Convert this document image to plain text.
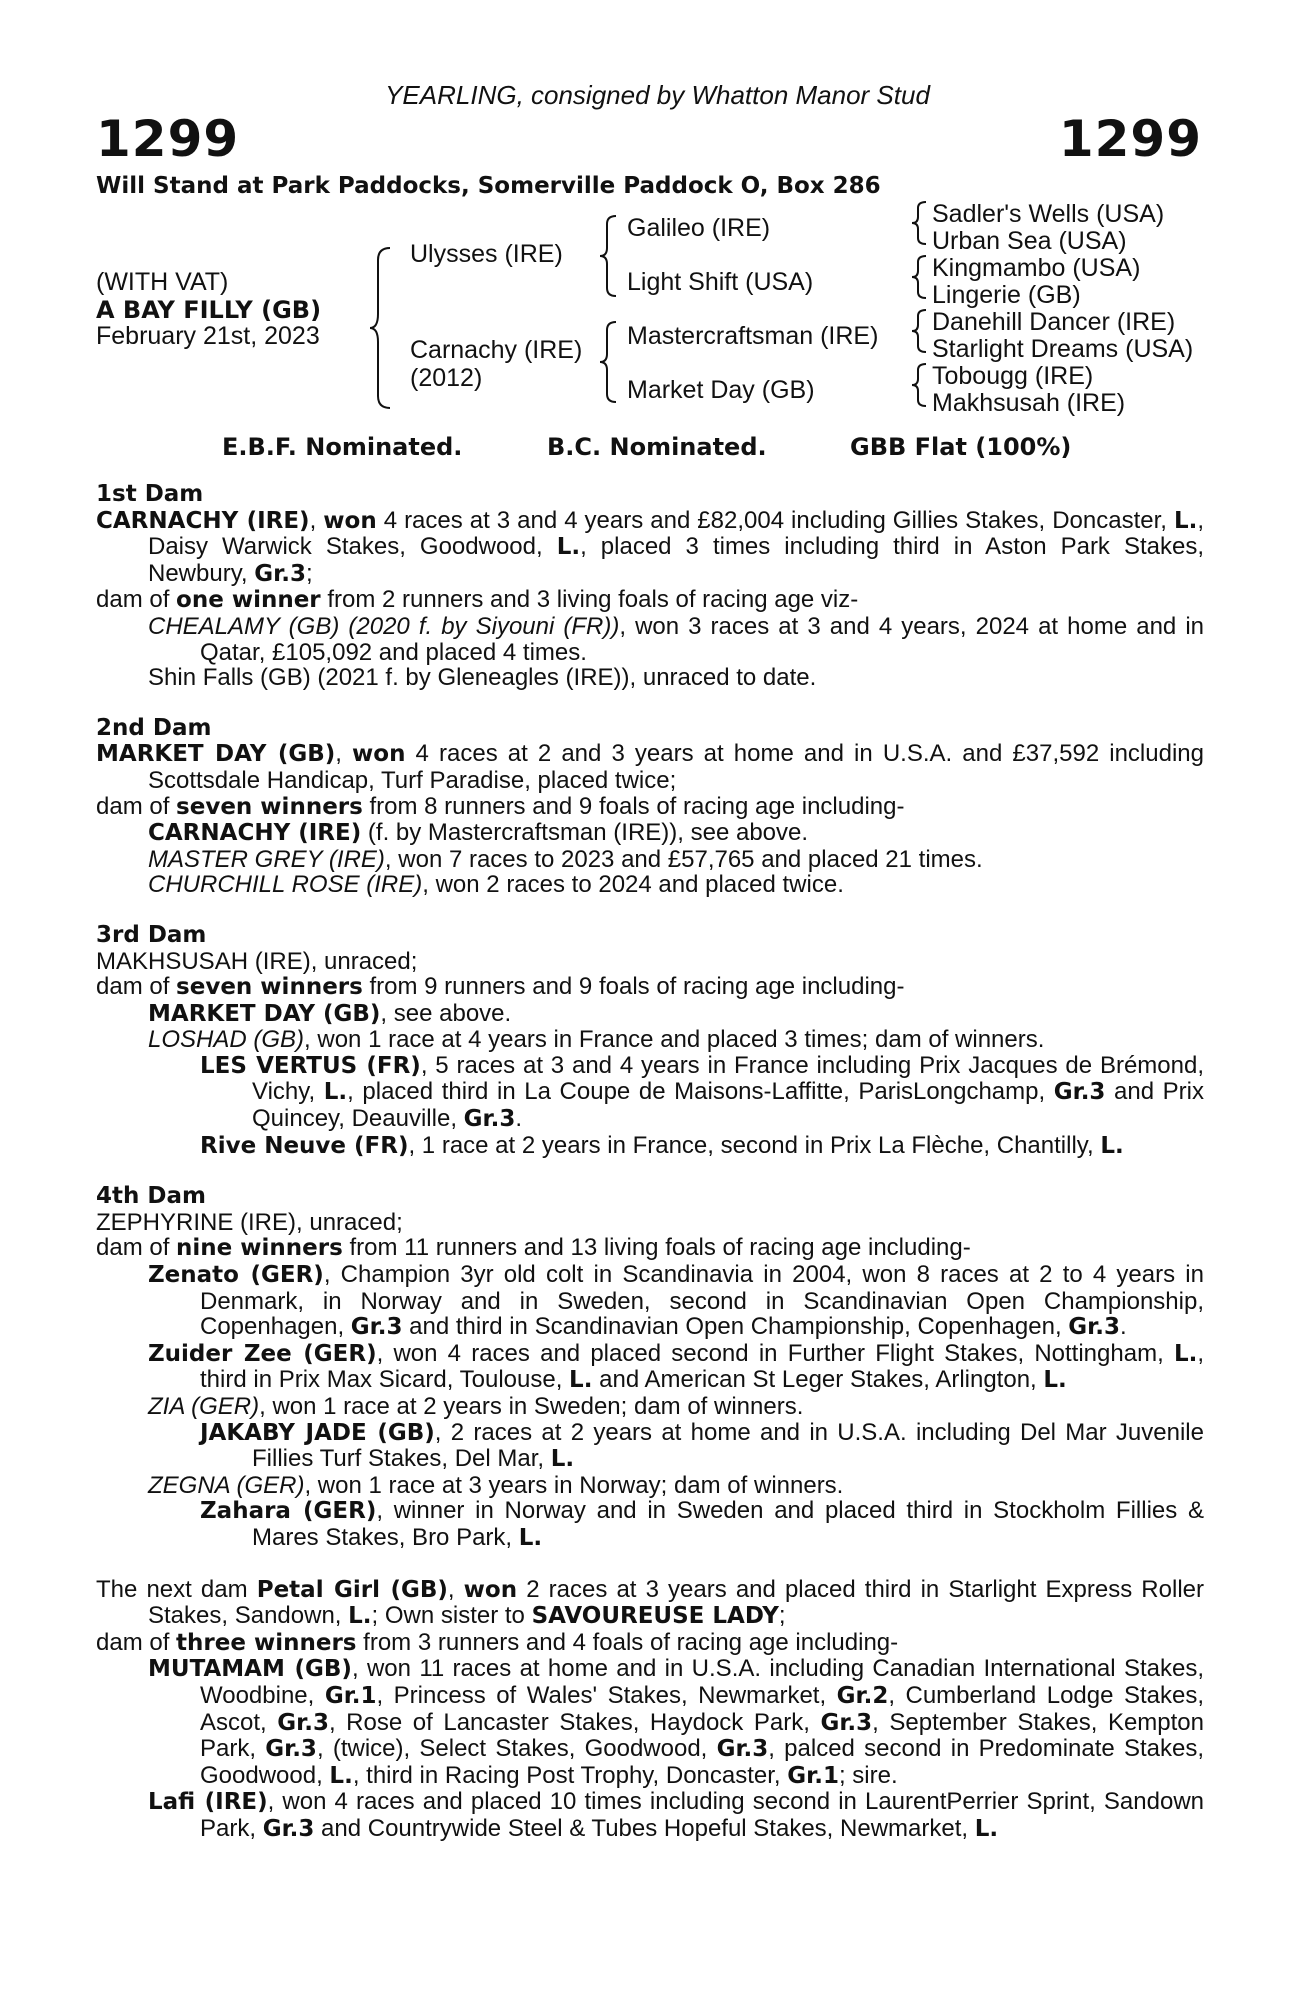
YEARLING, consigned by Whatton Manor Stud
1299	1299
Will Stand at Park Paddocks, Somerville Paddock O, Box 286
(WITH VAT)
A BAY FILLY (GB)
February 21st, 2023
Ulysses (IRE)
Carnachy (IRE)
(2012)
Galileo (IRE)
Light Shift (USA)
Mastercraftsman (IRE)
Market Day (GB)
Sadler's Wells (USA)
Urban Sea (USA)
Kingmambo (USA)
Lingerie (GB)
Danehill Dancer (IRE)
Starlight Dreams (USA)
Tobougg (IRE)
Makhsusah (IRE)
E.B.F. Nominated.	B.C. Nominated.	GBB Flat (100%)

1st Dam

CARNACHY (IRE), won 4 races at 3 and 4 years and £82,004 including Gillies Stakes, Doncaster, L., Daisy Warwick Stakes, Goodwood, L., placed 3 times including third in Aston Park Stakes, Newbury, Gr.3;

dam of one winner from 2 runners and 3 living foals of racing age viz-

CHEALAMY (GB) (2020 f. by Siyouni (FR)), won 3 races at 3 and 4 years, 2024 at home and in Qatar, £105,092 and placed 4 times.

Shin Falls (GB) (2021 f. by Gleneagles (IRE)), unraced to date.

2nd Dam

MARKET DAY (GB), won 4 races at 2 and 3 years at home and in U.S.A. and £37,592 including Scottsdale Handicap, Turf Paradise, placed twice;

dam of seven winners from 8 runners and 9 foals of racing age including-

CARNACHY (IRE) (f. by Mastercraftsman (IRE)), see above.

MASTER GREY (IRE), won 7 races to 2023 and £57,765 and placed 21 times.

CHURCHILL ROSE (IRE), won 2 races to 2024 and placed twice.

3rd Dam

MAKHSUSAH (IRE), unraced;

dam of seven winners from 9 runners and 9 foals of racing age including-

MARKET DAY (GB), see above.

LOSHAD (GB), won 1 race at 4 years in France and placed 3 times; dam of winners.

LES VERTUS (FR), 5 races at 3 and 4 years in France including Prix Jacques de Brémond, Vichy, L., placed third in La Coupe de Maisons-Laffitte, ParisLongchamp, Gr.3 and Prix Quincey, Deauville, Gr.3.

Rive Neuve (FR), 1 race at 2 years in France, second in Prix La Flèche, Chantilly, L.

4th Dam

ZEPHYRINE (IRE), unraced;

dam of nine winners from 11 runners and 13 living foals of racing age including-

Zenato (GER), Champion 3yr old colt in Scandinavia in 2004, won 8 races at 2 to 4 years in Denmark, in Norway and in Sweden, second in Scandinavian Open Championship, Copenhagen, Gr.3 and third in Scandinavian Open Championship, Copenhagen, Gr.3.

Zuider Zee (GER), won 4 races and placed second in Further Flight Stakes, Nottingham, L., third in Prix Max Sicard, Toulouse, L. and American St Leger Stakes, Arlington, L.

ZIA (GER), won 1 race at 2 years in Sweden; dam of winners.

JAKABY JADE (GB), 2 races at 2 years at home and in U.S.A. including Del Mar Juvenile Fillies Turf Stakes, Del Mar, L.

ZEGNA (GER), won 1 race at 3 years in Norway; dam of winners.

Zahara (GER), winner in Norway and in Sweden and placed third in Stockholm Fillies & Mares Stakes, Bro Park, L.

The next dam Petal Girl (GB), won 2 races at 3 years and placed third in Starlight Express Roller Stakes, Sandown, L.; Own sister to SAVOUREUSE LADY;

dam of three winners from 3 runners and 4 foals of racing age including-

MUTAMAM (GB), won 11 races at home and in U.S.A. including Canadian International Stakes, Woodbine, Gr.1, Princess of Wales' Stakes, Newmarket, Gr.2, Cumberland Lodge Stakes, Ascot, Gr.3, Rose of Lancaster Stakes, Haydock Park, Gr.3, September Stakes, Kempton Park, Gr.3, (twice), Select Stakes, Goodwood, Gr.3, palced second in Predominate Stakes, Goodwood, L., third in Racing Post Trophy, Doncaster, Gr.1; sire.

Lafi (IRE), won 4 races and placed 10 times including second in LaurentPerrier Sprint, Sandown Park, Gr.3 and Countrywide Steel & Tubes Hopeful Stakes, Newmarket, L.
